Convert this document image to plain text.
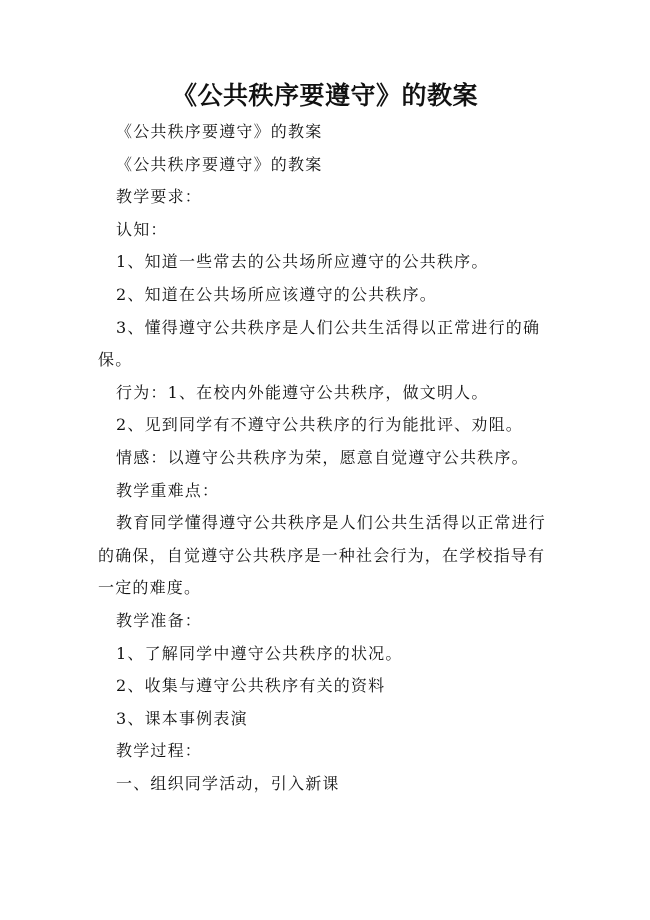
《公共秩序要遵守》的教案

《公共秩序要遵守》的教案

《公共秩序要遵守》的教案

教学要求：

认知：

1、知道一些常去的公共场所应遵守的公共秩序。

2、知道在公共场所应该遵守的公共秩序。

3、懂得遵守公共秩序是人们公共生活得以正常进行的确保。

行为：1、在校内外能遵守公共秩序，做文明人。

2、见到同学有不遵守公共秩序的行为能批评、劝阻。

情感：以遵守公共秩序为荣，愿意自觉遵守公共秩序。

教学重难点：

教育同学懂得遵守公共秩序是人们公共生活得以正常进行的确保，自觉遵守公共秩序是一种社会行为，在学校指导有一定的难度。

教学准备：

1、了解同学中遵守公共秩序的状况。

2、收集与遵守公共秩序有关的资料

3、课本事例表演

教学过程：

一、组织同学活动，引入新课
